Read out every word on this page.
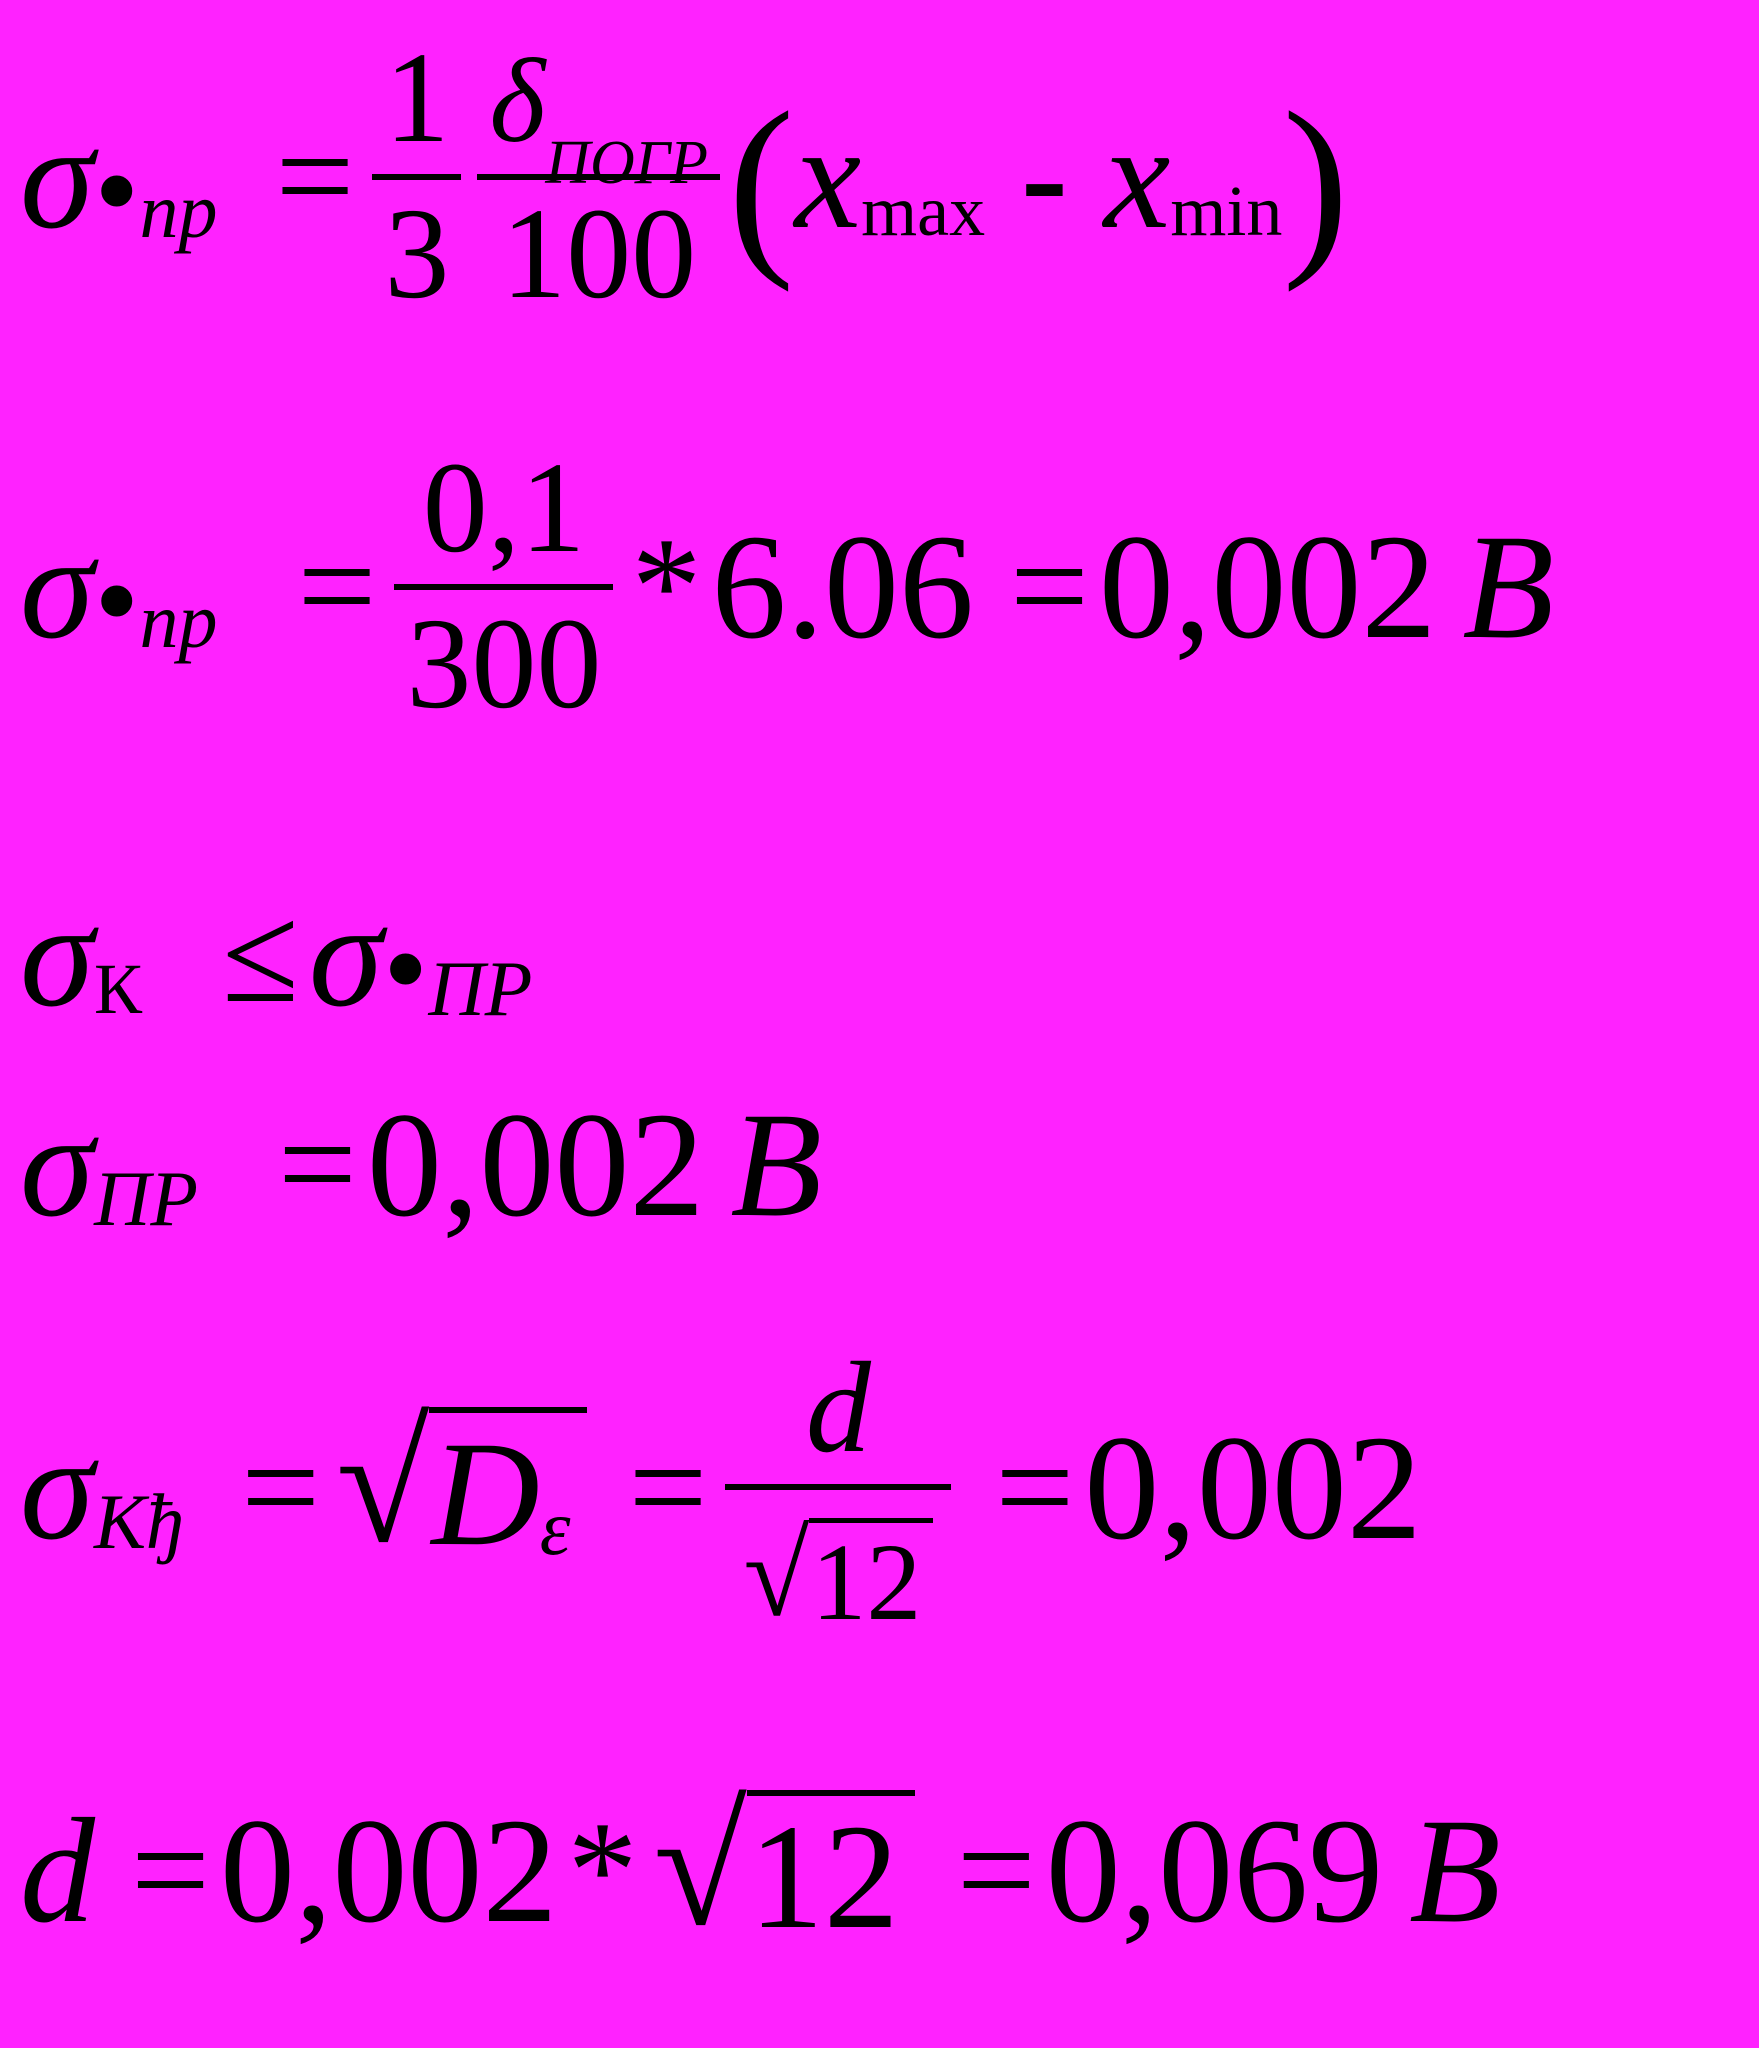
σ • пр =
1
3
δПОГР
100 ( x max - x min )
σ • пр =
0,1
300 * 6.06 = 0,002 В
σ К ≤ σ • ПР
σ ПР = 0,002 В
σ Кђ = √ D ε =
d
√ 12
= 0,002
d = 0,002 * √ 12 = 0,069 В
